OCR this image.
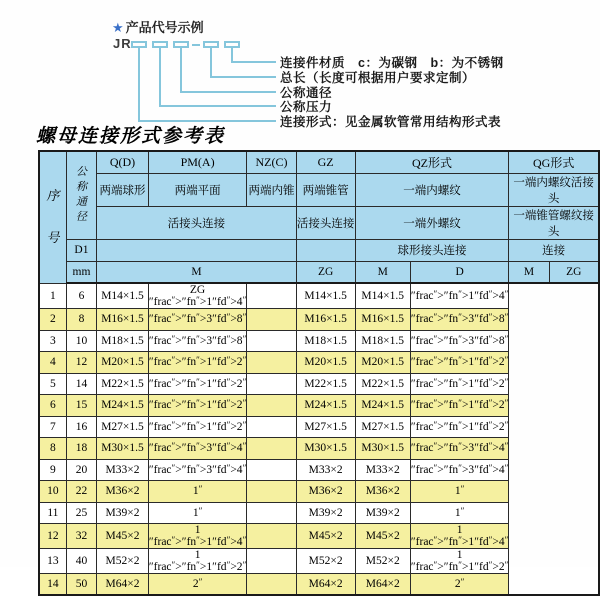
★ 产品代号示例
JR
连接件材质　c：为碳钢　b：为不锈钢
总长（长度可根据用户要求定制）
公称通径
公称压力
连接形式：见金属软管常用结构形式表
螺母连接形式参考表
序号	公称通径	Q(D)	PM(A)	NZ(C)	GZ	QZ形式		QG形式	
		两端球形	两端平面	两端内锥	两端锥管	一端内螺纹		一端内螺纹活接头	
		活接头连接			活接头连接	一端外螺纹		一端锥管螺纹接头	
	D1					球形接头连接		连接	
	mm	M			ZG	M	D	M	ZG
1	6	M14×1.5	ZG ″frac″>″fn″>1″fd″>4″		M14×1.5	M14×1.5	″frac″>″fn″>1″fd″>4″
2	8	M16×1.5	″frac″>″fn″>3″fd″>8″		M16×1.5	M16×1.5	″frac″>″fn″>3″fd″>8″
3	10	M18×1.5	″frac″>″fn″>3″fd″>8″		M18×1.5	M18×1.5	″frac″>″fn″>3″fd″>8″
4	12	M20×1.5	″frac″>″fn″>1″fd″>2″		M20×1.5	M20×1.5	″frac″>″fn″>1″fd″>2″
5	14	M22×1.5	″frac″>″fn″>1″fd″>2″		M22×1.5	M22×1.5	″frac″>″fn″>1″fd″>2″
6	15	M24×1.5	″frac″>″fn″>1″fd″>2″		M24×1.5	M24×1.5	″frac″>″fn″>1″fd″>2″
7	16	M27×1.5	″frac″>″fn″>1″fd″>2″		M27×1.5	M27×1.5	″frac″>″fn″>1″fd″>2″
8	18	M30×1.5	″frac″>″fn″>3″fd″>4″		M30×1.5	M30×1.5	″frac″>″fn″>3″fd″>4″
9	20	M33×2	″frac″>″fn″>3″fd″>4″		M33×2	M33×2	″frac″>″fn″>3″fd″>4″
10	22	M36×2	1″		M36×2	M36×2	1″
11	25	M39×2	1″		M39×2	M39×2	1″
12	32	M45×2	1 ″frac″>″fn″>1″fd″>4″		M45×2	M45×2	1 ″frac″>″fn″>1″fd″>4″
13	40	M52×2	1 ″frac″>″fn″>1″fd″>2″		M52×2	M52×2	1 ″frac″>″fn″>1″fd″>2″
14	50	M64×2	2″		M64×2	M64×2	2″
